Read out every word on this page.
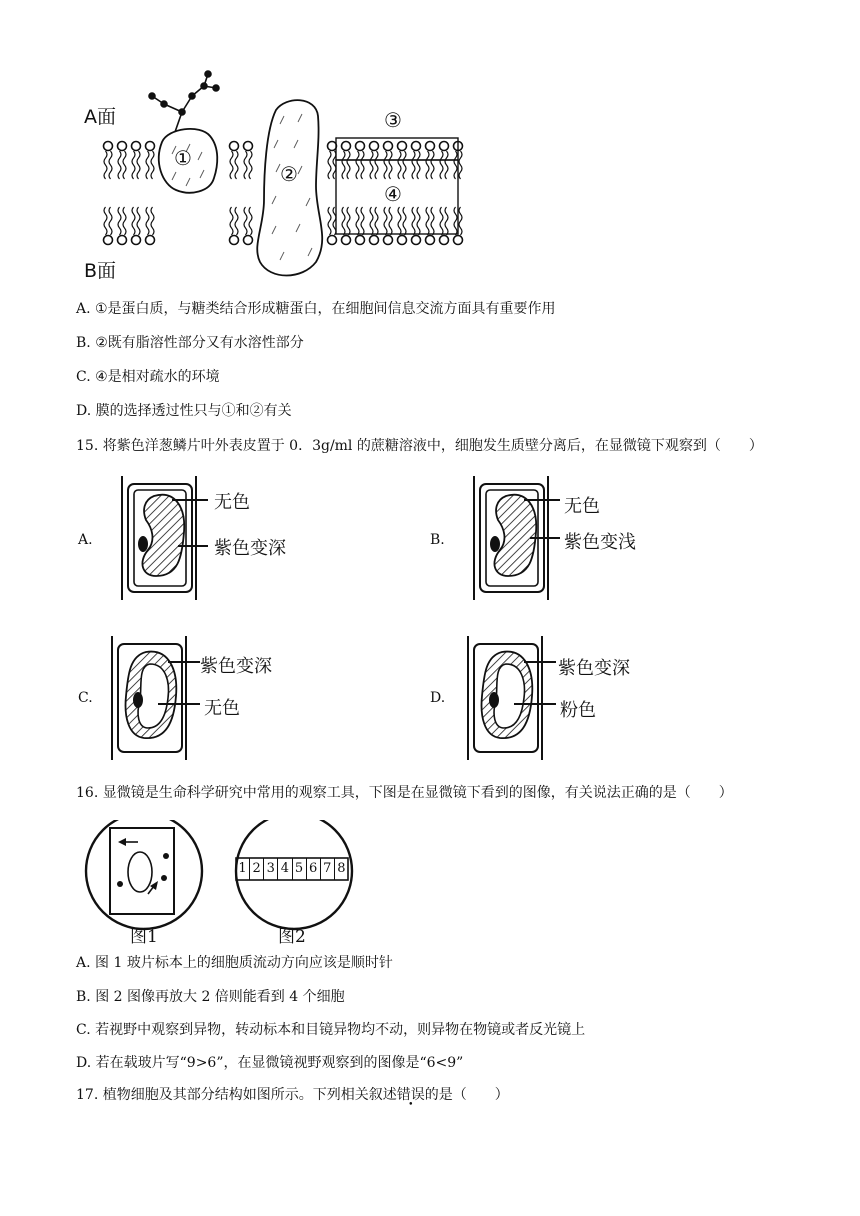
A面
B面
①
②
③
④
A. ①是蛋白质，与糖类结合形成糖蛋白，在细胞间信息交流方面具有重要作用
B. ②既有脂溶性部分又有水溶性部分
C. ④是相对疏水的环境
D. 膜的选择透过性只与①和②有关
15. 将紫色洋葱鳞片叶外表皮置于 0．3g/ml 的蔗糖溶液中，细胞发生质壁分离后，在显微镜下观察到（　　）
A.
无色
紫色变深	B.
无色
紫色变浅
C.
紫色变深
无色	D.
紫色变深
粉色
16. 显微镜是生命科学研究中常用的观察工具，下图是在显微镜下看到的图像，有关说法正确的是（　　）
1 2 3 4 5 6 7 8
图1	图2
A. 图 1 玻片标本上的细胞质流动方向应该是顺时针
B. 图 2 图像再放大 2 倍则能看到 4 个细胞
C. 若视野中观察到异物，转动标本和目镜异物均不动，则异物在物镜或者反光镜上
D. 若在载玻片写“9>6”，在显微镜视野观察到的图像是“6<9”
17. 植物细胞及其部分结构如图所示。下列相关叙述错误的是（　　）
